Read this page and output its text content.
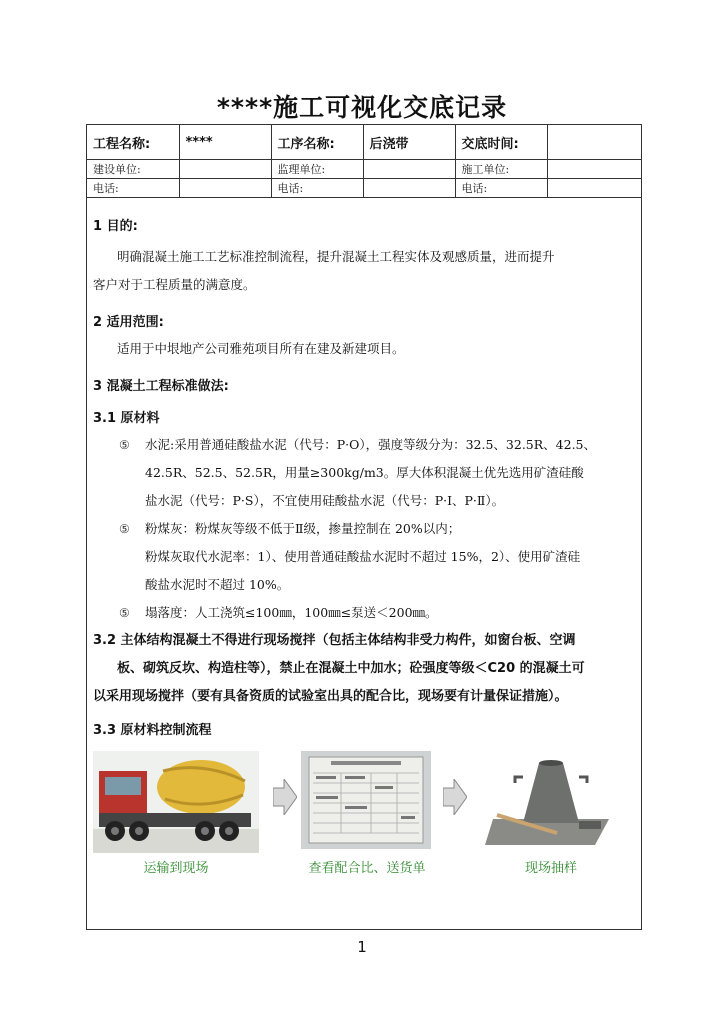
****施工可视化交底记录
工程名称:	****	工序名称:	后浇带	交底时间:	
建设单位:		监理单位:		施工单位:	
电话:		电话:		电话:	
1 目的:
明确混凝土施工工艺标准控制流程，提升混凝土工程实体及观感质量，进而提升
客户对于工程质量的满意度。
2 适用范围:
适用于中垠地产公司雅苑项目所有在建及新建项目。
3 混凝土工程标准做法:
3.1 原材料
⑤ 水泥:采用普通硅酸盐水泥（代号：P·O），强度等级分为：32.5、32.5R、42.5、
42.5R、52.5、52.5R，用量≥300kg/m3。厚大体积混凝土优先选用矿渣硅酸
盐水泥（代号：P·S），不宜使用硅酸盐水泥（代号：P·Ⅰ、P·Ⅱ）。
⑤ 粉煤灰：粉煤灰等级不低于Ⅱ级，掺量控制在 20%以内；
粉煤灰取代水泥率：1）、使用普通硅酸盐水泥时不超过 15%，2）、使用矿渣硅
酸盐水泥时不超过 10%。
⑤ 塌落度：人工浇筑≤100㎜，100㎜≤泵送＜200㎜。
3.2 主体结构混凝土不得进行现场搅拌（包括主体结构非受力构件，如窗台板、空调
板、砌筑反坎、构造柱等），禁止在混凝土中加水；砼强度等级＜C20 的混凝土可
以采用现场搅拌（要有具备资质的试验室出具的配合比，现场要有计量保证措施）。
3.3 原材料控制流程
运输到现场	查看配合比、送货单	现场抽样
1
